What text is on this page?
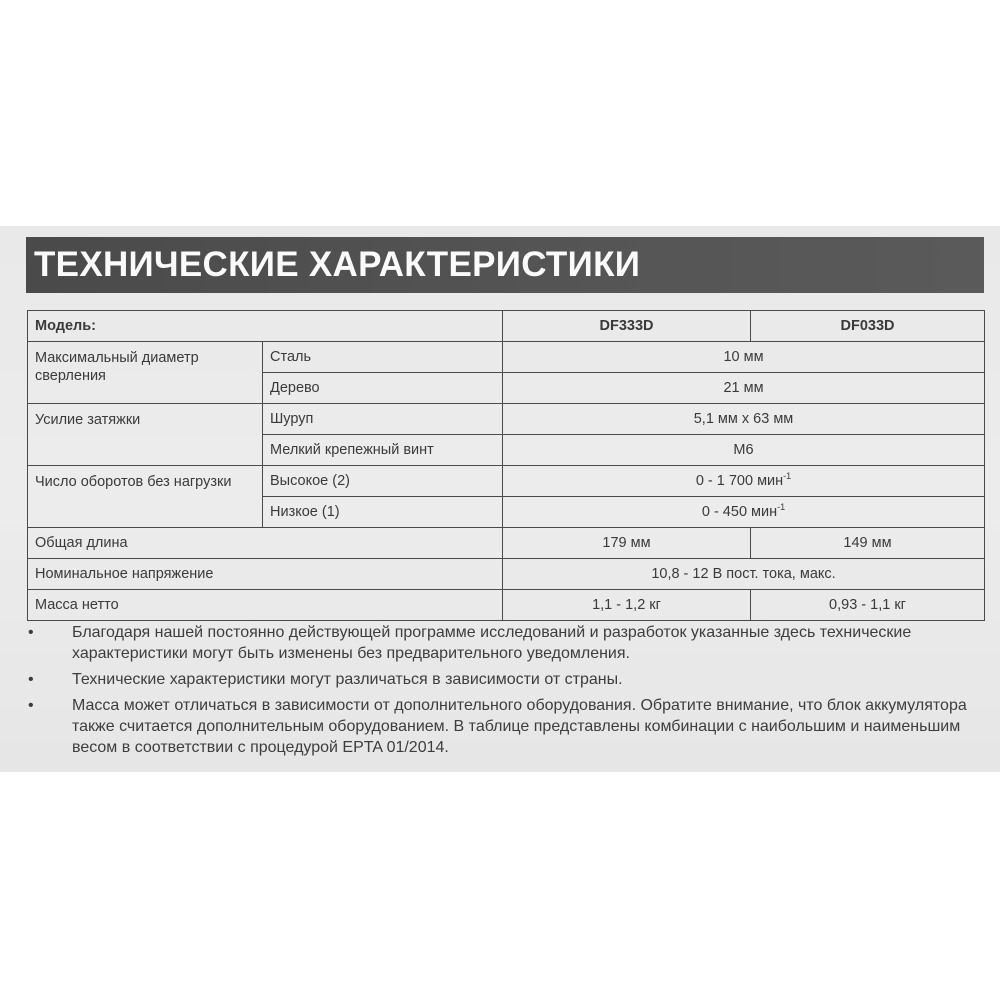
ТЕХНИЧЕСКИЕ ХАРАКТЕРИСТИКИ
Модель:		DF333D	DF033D
Максимальный диаметр сверления	Сталь	10 мм	
	Дерево	21 мм	
Усилие затяжки	Шуруп	5,1 мм x 63 мм	
	Мелкий крепежный винт	M6	
Число оборотов без нагрузки	Высокое (2)	0 - 1 700 мин$^{-1}$
	Низкое (1)	0 - 450 мин$^{-1}$
Общая длина		179 мм	149 мм
Номинальное напряжение		10,8 - 12 В пост. тока, макс.	
Масса нетто		1,1 - 1,2 кг	0,93 - 1,1 кг
•	Благодаря нашей постоянно действующей программе исследований и разработок указанные здесь технические характеристики могут быть изменены без предварительного уведомления.
•	Технические характеристики могут различаться в зависимости от страны.
•	Масса может отличаться в зависимости от дополнительного оборудования. Обратите внимание, что блок аккумулятора также считается дополнительным оборудованием. В таблице представлены комбинации с наибольшим и наименьшим весом в соответствии с процедурой EPTA 01/2014.
